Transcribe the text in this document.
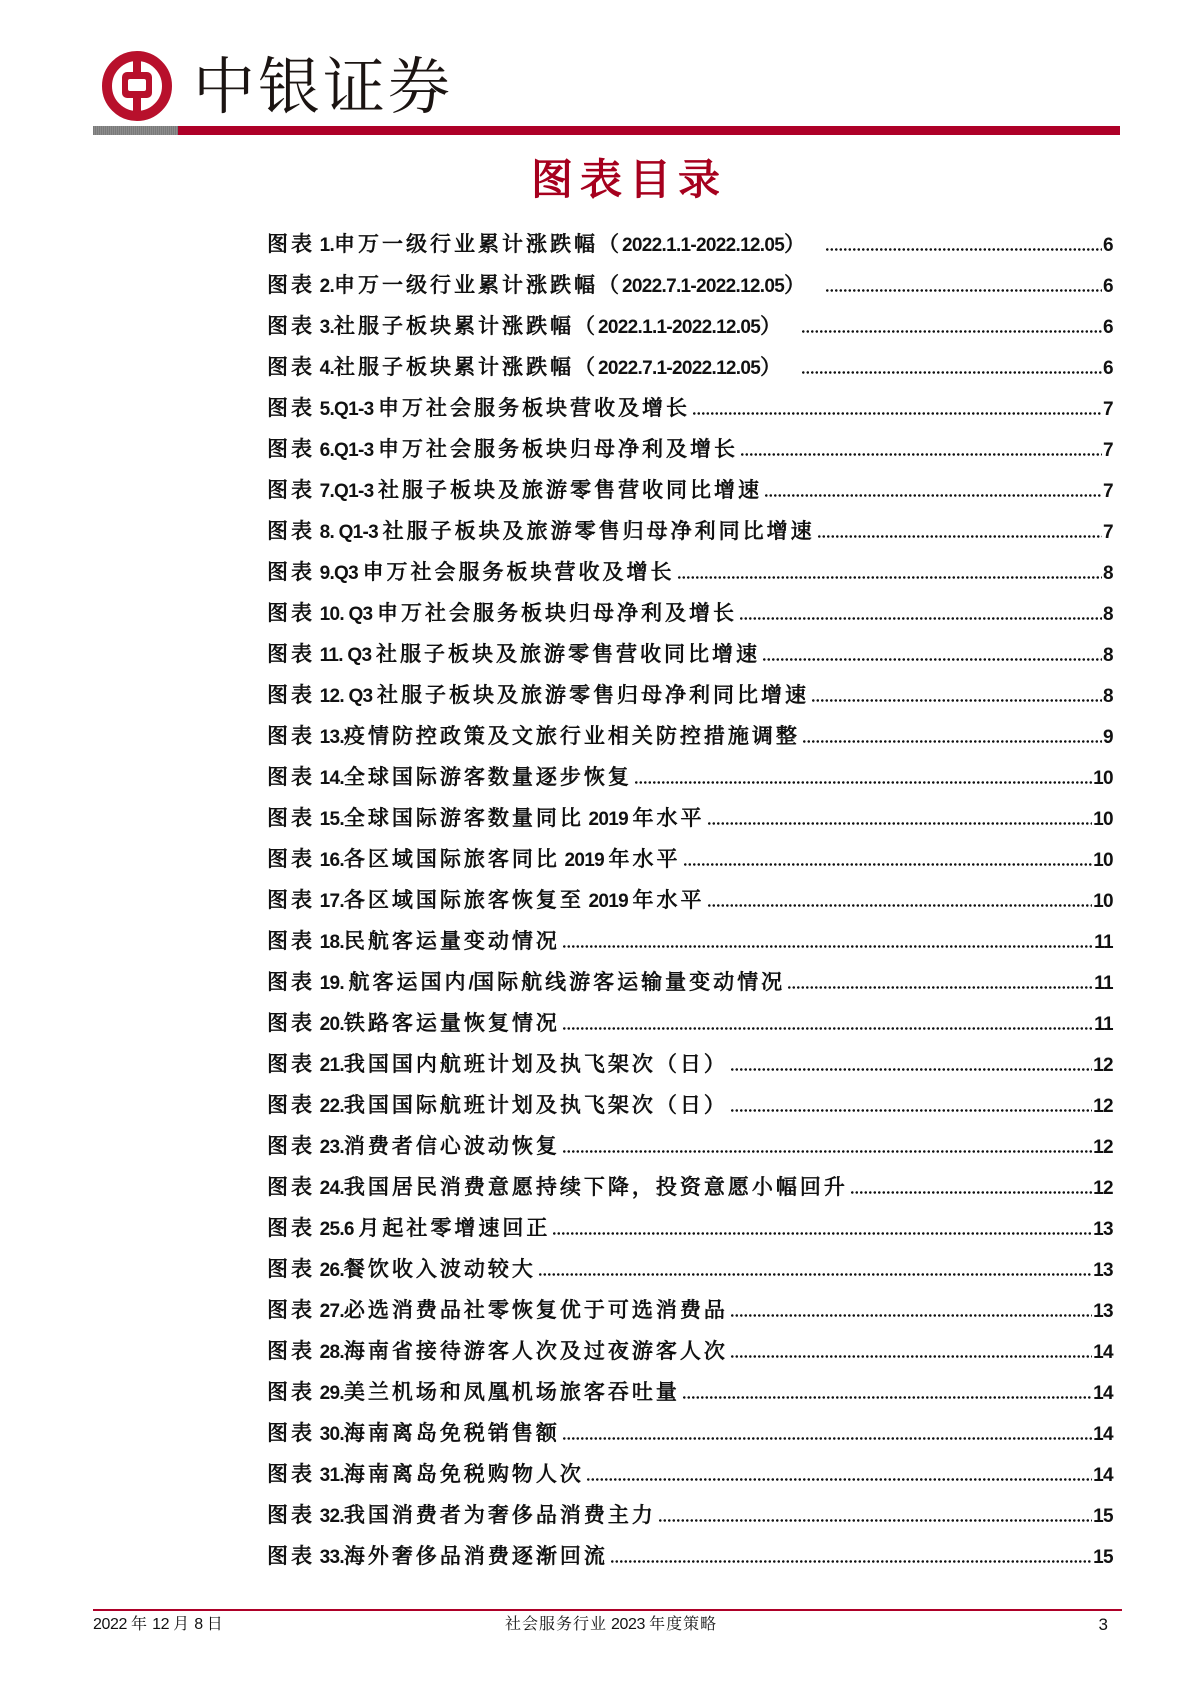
中银证券
图表目录
图表 1.申万一级行业累计涨跌幅（2022.1.1-2022.12.05）	6
图表 2.申万一级行业累计涨跌幅（2022.7.1-2022.12.05）	6
图表 3.社服子板块累计涨跌幅（2022.1.1-2022.12.05）	6
图表 4.社服子板块累计涨跌幅（2022.7.1-2022.12.05）	6
图表 5.Q1-3 申万社会服务板块营收及增长	7
图表 6.Q1-3 申万社会服务板块归母净利及增长	7
图表 7.Q1-3 社服子板块及旅游零售营收同比增速	7
图表 8. Q1-3 社服子板块及旅游零售归母净利同比增速	7
图表 9.Q3 申万社会服务板块营收及增长	8
图表 10. Q3 申万社会服务板块归母净利及增长	8
图表 11. Q3 社服子板块及旅游零售营收同比增速	8
图表 12. Q3 社服子板块及旅游零售归母净利同比增速	8
图表 13.疫情防控政策及文旅行业相关防控措施调整	9
图表 14.全球国际游客数量逐步恢复	10
图表 15.全球国际游客数量同比 2019 年水平	10
图表 16.各区域国际旅客同比 2019 年水平	10
图表 17.各区域国际旅客恢复至 2019 年水平	10
图表 18.民航客运量变动情况	11
图表 19. 航客运国内/国际航线游客运输量变动情况	11
图表 20.铁路客运量恢复情况	11
图表 21.我国国内航班计划及执飞架次（日）	12
图表 22.我国国际航班计划及执飞架次（日）	12
图表 23.消费者信心波动恢复	12
图表 24.我国居民消费意愿持续下降，投资意愿小幅回升	12
图表 25.6 月起社零增速回正	13
图表 26.餐饮收入波动较大	13
图表 27.必选消费品社零恢复优于可选消费品	13
图表 28.海南省接待游客人次及过夜游客人次	14
图表 29.美兰机场和凤凰机场旅客吞吐量	14
图表 30.海南离岛免税销售额	14
图表 31.海南离岛免税购物人次	14
图表 32.我国消费者为奢侈品消费主力	15
图表 33.海外奢侈品消费逐渐回流	15
2022 年 12 月 8 日	社会服务行业 2023 年度策略	3
